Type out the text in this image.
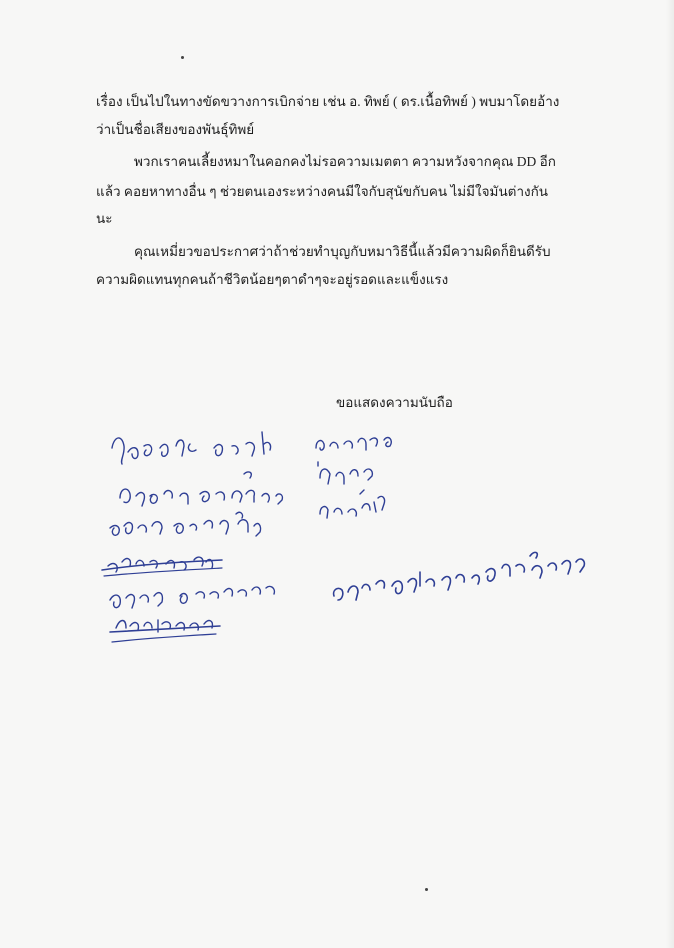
เรื่อง เป็นไปในทางขัดขวางการเบิกจ่าย เช่น อ. ทิพย์ ( ดร.เนื้อทิพย์ ) พบมาโดยอ้าง
ว่าเป็นชื่อเสียงของพันธุ์ทิพย์
พวกเราคนเลี้ยงหมาในคอกคงไม่รอความเมตตา ความหวังจากคุณ DD อีก
แล้ว คอยหาทางอื่น ๆ ช่วยตนเองระหว่างคนมีใจกับสุนัขกับคน ไม่มีใจมันต่างกัน
นะ
คุณเหมี่ยวขอประกาศว่าถ้าช่วยทำบุญกับหมาวิธีนี้แล้วมีความผิดก็ยินดีรับ
ความผิดแทนทุกคนถ้าชีวิตน้อยๆตาดำๆจะอยู่รอดและแข็งแรง
ขอแสดงความนับถือ
